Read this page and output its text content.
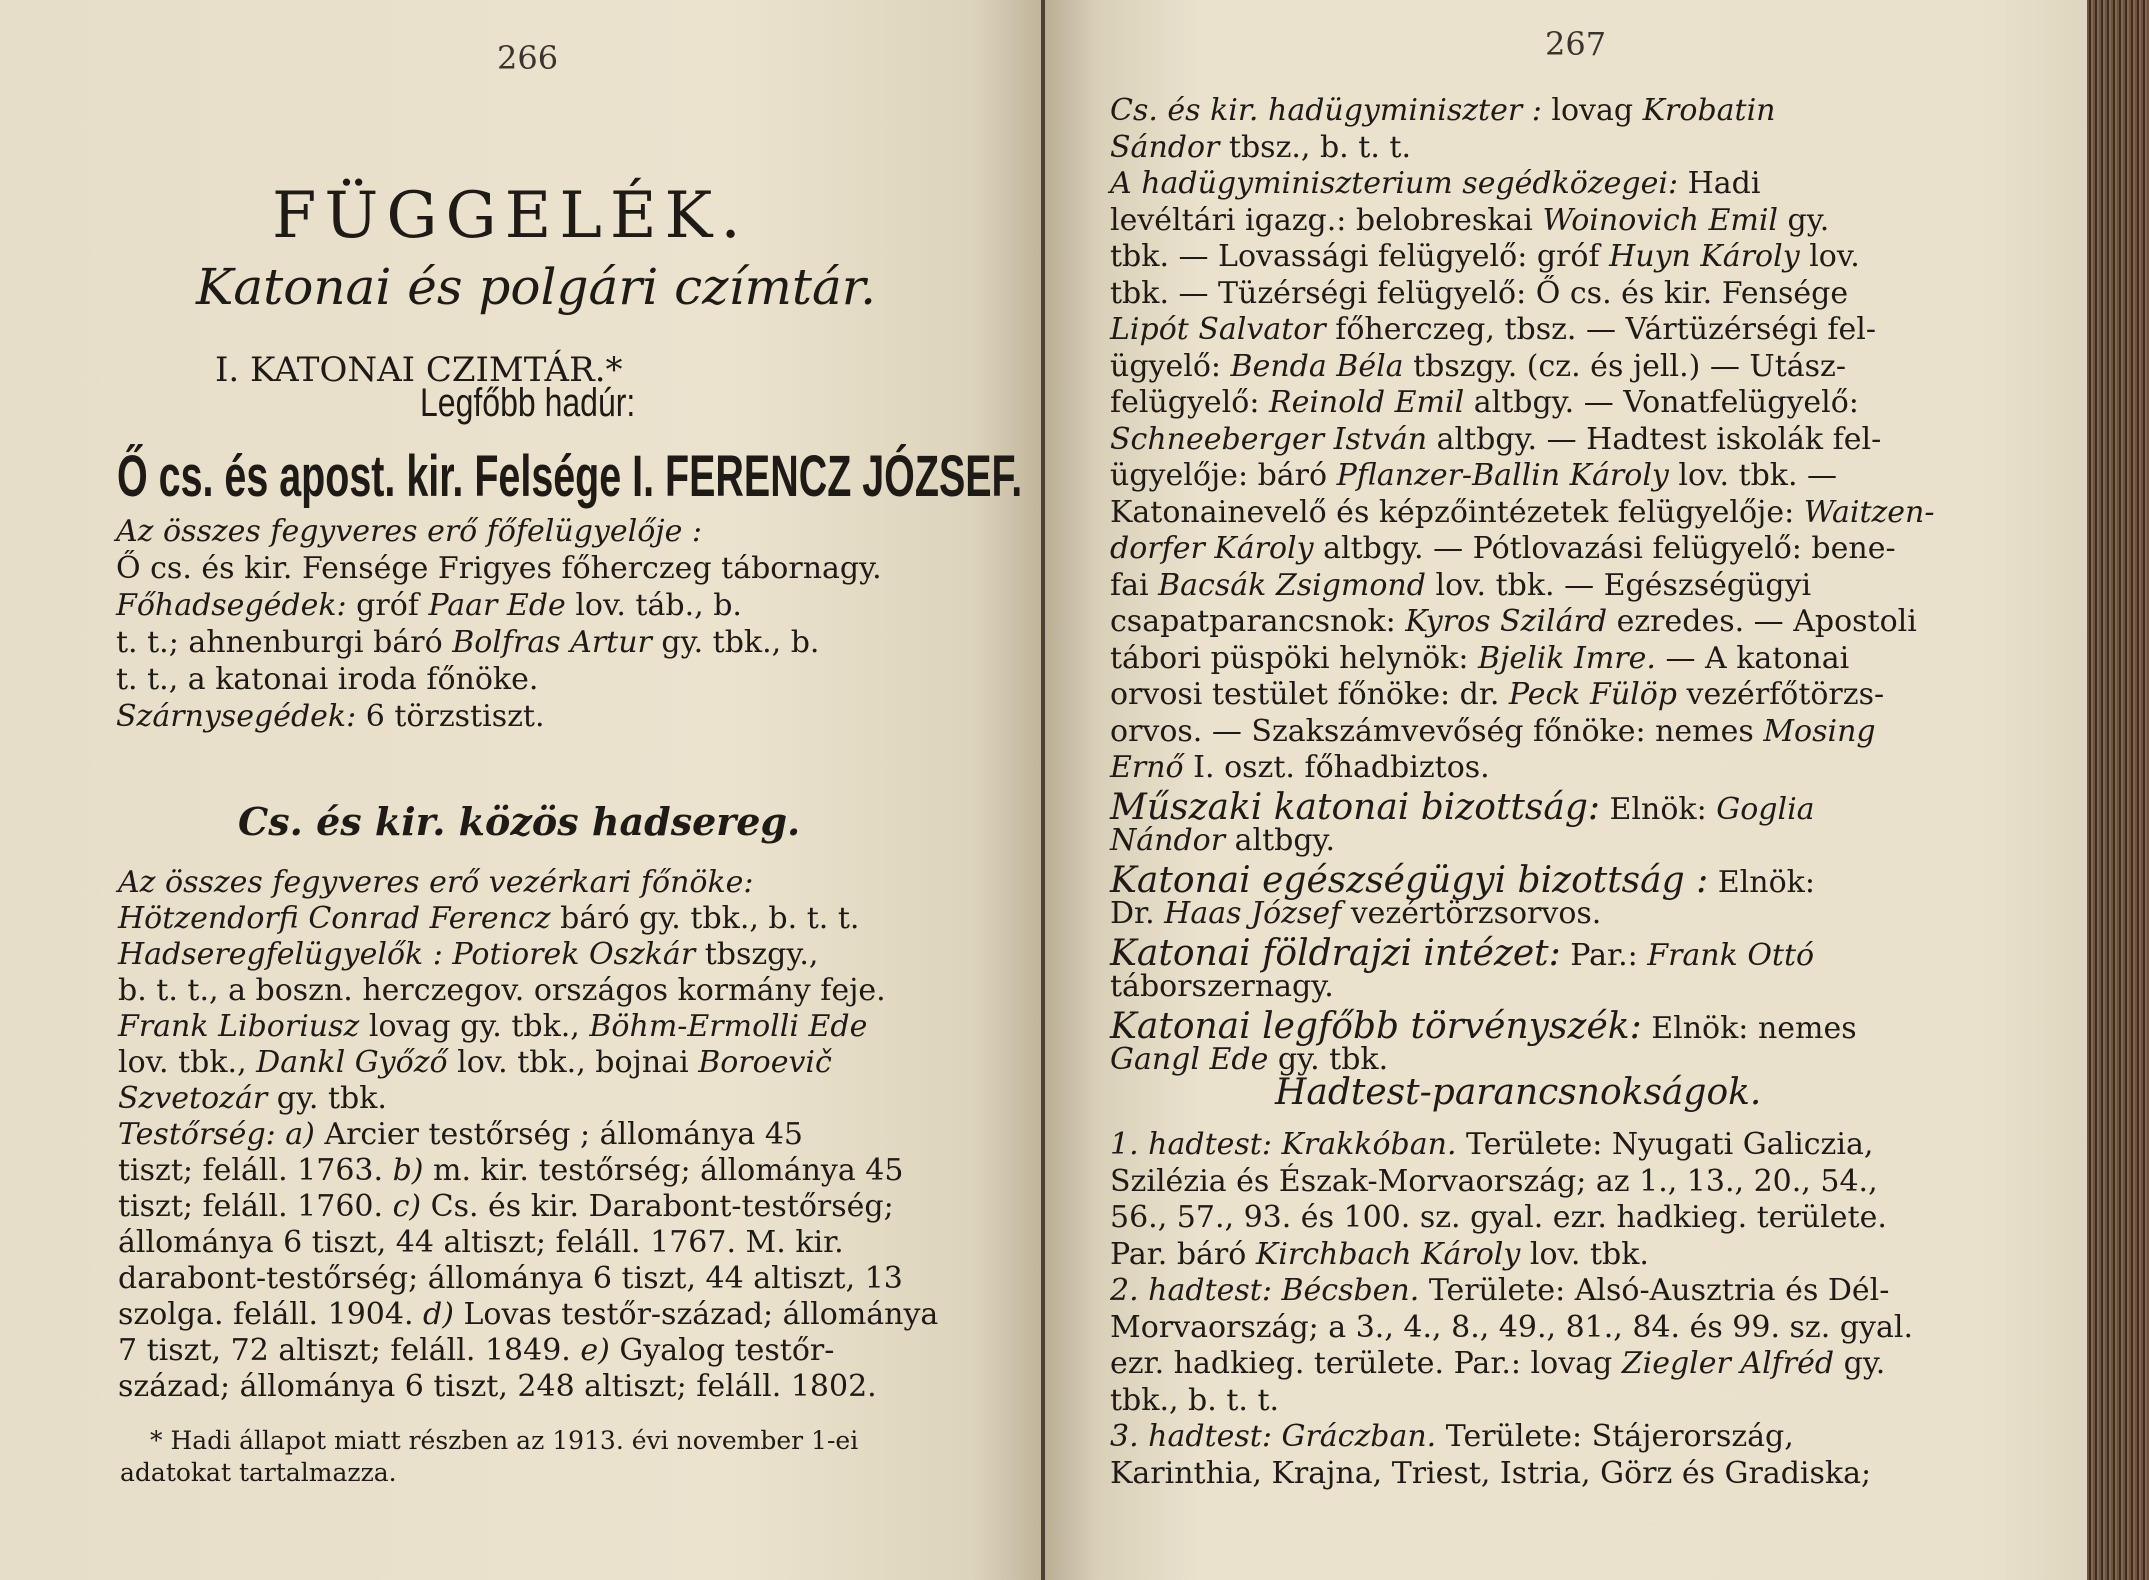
266
FÜGGELÉK.
Katonai és polgári czímtár.
I. KATONAI CZIMTÁR.*
Legfőbb hadúr:
Ő cs. és apost. kir. Felsége I. FERENCZ JÓZSEF.
Az összes fegyveres erő főfelügyelője :
Ő cs. és kir. Fensége Frigyes főherczeg tábornagy.
Főhadsegédek: gróf Paar Ede lov. táb., b.
t. t.; ahnenburgi báró Bolfras Artur gy. tbk., b.
t. t., a katonai iroda főnöke.
Szárnysegédek: 6 törzstiszt.
Cs. és kir. közös hadsereg.
Az összes fegyveres erő vezérkari főnöke:
Hötzendorfi Conrad Ferencz báró gy. tbk., b. t. t.
Hadseregfelügyelők : Potiorek Oszkár tbszgy.,
b. t. t., a boszn. herczegov. országos kormány feje.
Frank Liboriusz lovag gy. tbk., Böhm-Ermolli Ede
lov. tbk., Dankl Győző lov. tbk., bojnai Boroevič
Szvetozár gy. tbk.
Testőrség: a) Arcier testőrség ; állománya 45
tiszt; feláll. 1763. b) m. kir. testőrség; állománya 45
tiszt; feláll. 1760. c) Cs. és kir. Darabont-testőrség;
állománya 6 tiszt, 44 altiszt; feláll. 1767. M. kir.
darabont-testőrség; állománya 6 tiszt, 44 altiszt, 13
szolga. feláll. 1904. d) Lovas testőr-század; állománya
7 tiszt, 72 altiszt; feláll. 1849. e) Gyalog testőr-
század; állománya 6 tiszt, 248 altiszt; feláll. 1802.
* Hadi állapot miatt részben az 1913. évi november 1-ei
adatokat tartalmazza.
267
Cs. és kir. hadügyminiszter : lovag Krobatin
Sándor tbsz., b. t. t.
A hadügyminiszterium segédközegei: Hadi
levéltári igazg.: belobreskai Woinovich Emil gy.
tbk. — Lovassági felügyelő: gróf Huyn Károly lov.
tbk. — Tüzérségi felügyelő: Ő cs. és kir. Fensége
Lipót Salvator főherczeg, tbsz. — Vártüzérségi fel-
ügyelő: Benda Béla tbszgy. (cz. és jell.) — Utász-
felügyelő: Reinold Emil altbgy. — Vonatfelügyelő:
Schneeberger István altbgy. — Hadtest iskolák fel-
ügyelője: báró Pflanzer-Ballin Károly lov. tbk. —
Katonainevelő és képzőintézetek felügyelője: Waitzen-
dorfer Károly altbgy. — Pótlovazási felügyelő: bene-
fai Bacsák Zsigmond lov. tbk. — Egészségügyi
csapatparancsnok: Kyros Szilárd ezredes. — Apostoli
tábori püspöki helynök: Bjelik Imre. — A katonai
orvosi testület főnöke: dr. Peck Fülöp vezérfőtörzs-
orvos. — Szakszámvevőség főnöke: nemes Mosing
Ernő I. oszt. főhadbiztos.
Műszaki katonai bizottság: Elnök: Goglia
Nándor altbgy.
Katonai egészségügyi bizottság : Elnök:
Dr. Haas József vezértörzsorvos.
Katonai földrajzi intézet: Par.: Frank Ottó
táborszernagy.
Katonai legfőbb törvényszék: Elnök: nemes
Gangl Ede gy. tbk.
Hadtest-parancsnokságok.
1. hadtest: Krakkóban. Területe: Nyugati Galiczia,
Szilézia és Észak-Morvaország; az 1., 13., 20., 54.,
56., 57., 93. és 100. sz. gyal. ezr. hadkieg. területe.
Par. báró Kirchbach Károly lov. tbk.
2. hadtest: Bécsben. Területe: Alsó-Ausztria és Dél-
Morvaország; a 3., 4., 8., 49., 81., 84. és 99. sz. gyal.
ezr. hadkieg. területe. Par.: lovag Ziegler Alfréd gy.
tbk., b. t. t.
3. hadtest: Gráczban. Területe: Stájerország,
Karinthia, Krajna, Triest, Istria, Görz és Gradiska;
